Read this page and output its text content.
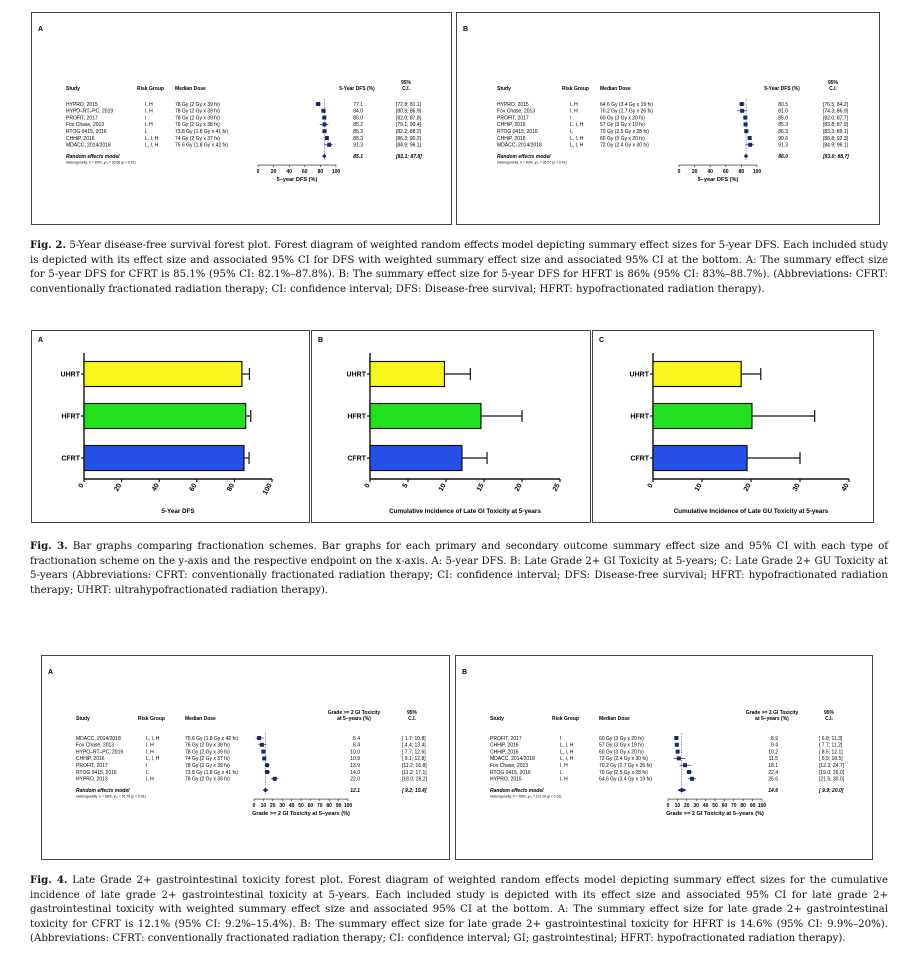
A
Study	Risk Group Median Dose	5-Year DFS (%)
95%
C.I.
HYPRO, 2015	I, H	78 Gy (2 Gy x 39 fx)	77.1	[72.8; 81.1]
HYPO–RT–PC, 2019	I, H	78 Gy (2 Gy x 39 fx)	84.0	[80.9; 86.9]
PROFIT, 2017	I	78 Gy (2 Gy x 39 fx)	85.0	[82.0; 87.8]
Fox Chase, 2013	I, H	76 Gy (2 Gy x 38 fx)	85.2	[79.1; 90.4]
RTOG 0415, 2016	L	73.8 Gy (1.8 Gy x 41 fx)	85.3	[82.2; 88.2]
CHHiP, 2016	L, I, H	74 Gy (2 Gy x 37 fx)	88.3	[86.3; 90.2]
MDACC, 2014/2018	L, I, H	75.6 Gy (1.8 Gy x 42 fx)	91.3	[84.9; 96.1]
Random effects model	85.1	[82.1; 87.8]
Heterogeneity: I² = 85%, χ²₆ = 39.66 (p < 0.01)
0 20 40 60 80 100
5–year DFS (%)
B
Study	Risk Group Median Dose	5-Year DFS (%)
95%
C.I.
HYPRO, 2015	I, H	64.6 Gy (3.4 Gy x 19 fx)	80.5	[76.5; 84.2]
Fox Chase, 2013	I, H	70.2 Gy (2.7 Gy x 26 fx)	81.0	[74.3; 86.9]
PROFIT, 2017	I	60 Gy (3 Gy x 20 fx)	85.0	[82.0; 87.7]
CHHiP, 2016	L, I, H	57 Gy (3 Gy x 19 fx)	85.3	[83.8; 87.9]
RTOG 0415, 2016	L	70 Gy (2.5 Gy x 28 fx)	86.3	[83.3; 89.1]
CHHiP, 2016	L, I, H	60 Gy (3 Gy x 20 fx)	90.6	[88.8; 92.3]
MDACC, 2014/2018	L, I, H	72 Gy (2.4 Gy x 30 fx)	91.3	[84.9; 96.1]
Random effects model	86.0	[83.0; 88.7]
Heterogeneity: I² = 83%, χ²₆ = 35.57 (p < 0.01)
0 20 40 60 80 100
5–year DFS (%)
Fig. 2. 5-Year disease-free survival forest plot. Forest diagram of weighted random effects model depicting summary effect sizes for 5-year DFS. Each included study is depicted with its effect size and associated 95% CI for DFS with weighted summary effect size and associated 95% CI at the bottom. A: The summary effect size for 5-year DFS for CFRT is 85.1% (95% CI: 82.1%–87.8%). B: The summary effect size for 5-year DFS for HFRT is 86% (95% CI: 83%–88.7%). (Abbreviations: CFRT: conventionally fractionated radiation therapy; CI: confidence interval; DFS: Disease-free survival; HFRT: hypofractionated radiation therapy).
A
UHRT
HFRT
CFRT
0	20	40	60	80	100
5-Year DFS
B
UHRT
HFRT
CFRT
0	5	10	15	20	25
Cumulative Incidence of Late GI Toxicity at 5-years
C
UHRT
HFRT
CFRT
0	10	20	30	40
Cumulative Incidence of Late GU Toxicity at 5-years
Fig. 3. Bar graphs comparing fractionation schemes. Bar graphs for each primary and secondary outcome summary effect size and 95% CI with each type of fractionation scheme on the y-axis and the respective endpoint on the x-axis. A: 5-year DFS. B: Late Grade 2+ GI Toxicity at 5-years; C: Late Grade 2+ GU Toxicity at 5-years (Abbreviations: CFRT: conventionally fractionated radiation therapy; CI: confidence interval; DFS: Disease-free survival; HFRT: hypofractionated radiation therapy; UHRT: ultrahypofractionated radiation therapy).
A
Study	Risk Group	Median Dose
Grade >= 2 GI Toxicity
at 5–years (%)
95%
C.I.
MDACC, 2014/2018	L, I, H	75.6 Gy (1.8 Gy x 42 fx)	5.4	[ 1.7; 10.8]
Fox Chase, 2013	I, H	76 Gy (2 Gy x 38 fx)	8.4	[ 4.4; 13.4]
HYPO–RT–PC, 2019	I, H	78 Gy (2 Gy x 39 fx)	10.0	[ 7.7; 12.6]
CHHiP, 2016	L, I, H	74 Gy (2 Gy x 37 fx)	10.9	[ 9.1; 12.8]
PROFIT, 2017	I	78 Gy (2 Gy x 39 fx)	13.9	[11.2; 16.8]
RTOG 0415, 2016	L	73.8 Gy (1.8 Gy x 41 fx)	14.0	[11.2; 17.1]
HYPRO, 2013	I, H	78 Gy (2 Gy x 39 fx)	22.0	[18.0; 26.2]
Random effects model	12.1	[ 9.2; 15.4]
Heterogeneity: I² = 88%, χ²₆ = 51.78 (p < 0.01)
0 10 20 30 40 50 60 70 80 90 100
Grade >= 2 GI Toxicity at 5–years (%)
B
Study	Risk Group	Median Dose
Grade >= 2 GI Toxicity
at 5–years (%)
95%
C.I.
PROFIT, 2017	I	60 Gy (3 Gy x 20 fx)	8.9	[ 6.8; 11.3]
CHHiP, 2016	L, I, H	57 Gy (3 Gy x 19 fx)	9.4	[ 7.7; 11.2]
CHHiP, 2016	L, I, H	60 Gy (3 Gy x 20 fx)	10.2	[ 8.5; 12.1]
MDACC, 2014/2018	L, I, H	72 Gy (2.4 Gy x 30 fx)	11.5	[ 5.9; 18.5]
Fox Chase, 2013	I, H	70.2 Gy (2.7 Gy x 26 fx)	18.1	[12.3; 24.7]
RTOG 0415, 2016	L	70 Gy (2.5 Gy x 28 fx)	22.4	[19.0; 26.0]
HYPRO, 2015	I, H	64.6 Gy (3.4 Gy x 19 fx)	25.6	[21.5; 30.0]
Random effects model	14.6	[ 9.9; 20.0]
Heterogeneity: I² = 95%, χ²₆ = 112.19 (p < 0.01)
0 10 20 30 40 50 60 70 80 90 100
Grade >= 2 GI Toxicity at 5–years (%)
Fig. 4. Late Grade 2+ gastrointestinal toxicity forest plot. Forest diagram of weighted random effects model depicting summary effect sizes for the cumulative incidence of late grade 2+ gastrointestinal toxicity at 5-years. Each included study is depicted with its effect size and associated 95% CI for late grade 2+ gastrointestinal toxicity with weighted summary effect size and associated 95% CI at the bottom. A: The summary effect size for late grade 2+ gastrointestinal toxicity for CFRT is 12.1% (95% CI: 9.2%–15.4%). B: The summary effect size for late grade 2+ gastrointestinal toxicity for HFRT is 14.6% (95% CI: 9.9%–20%). (Abbreviations: CFRT: conventionally fractionated radiation therapy; CI: confidence interval; GI; gastrointestinal; HFRT: hypofractionated radiation therapy).
